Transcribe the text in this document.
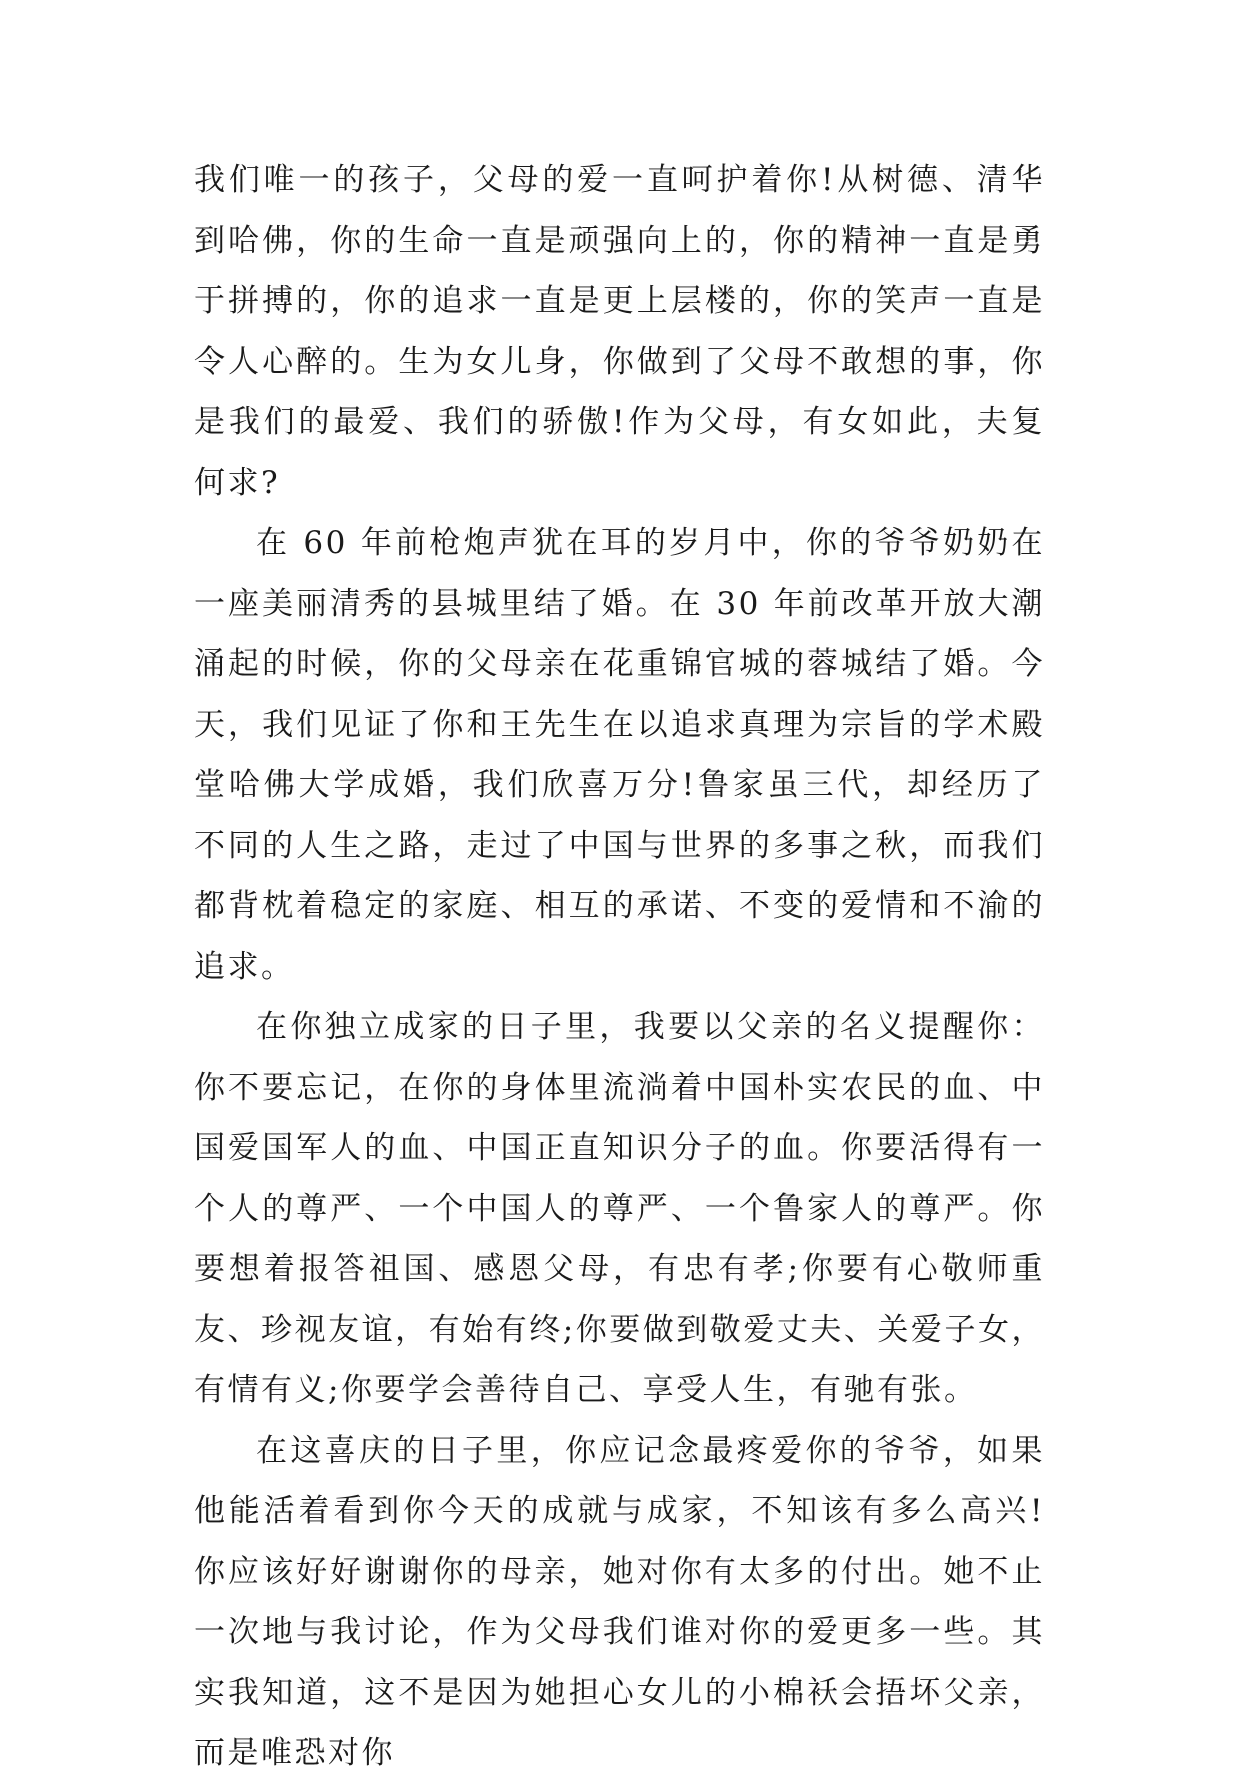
我们唯一的孩子，父母的爱一直呵护着你!从树德、清华到哈佛，你的生命一直是顽强向上的，你的精神一直是勇于拼搏的，你的追求一直是更上层楼的，你的笑声一直是令人心醉的。生为女儿身，你做到了父母不敢想的事，你是我们的最爱、我们的骄傲!作为父母，有女如此，夫复何求?

在 60 年前枪炮声犹在耳的岁月中，你的爷爷奶奶在一座美丽清秀的县城里结了婚。在 30 年前改革开放大潮涌起的时候，你的父母亲在花重锦官城的蓉城结了婚。今天，我们见证了你和王先生在以追求真理为宗旨的学术殿堂哈佛大学成婚，我们欣喜万分!鲁家虽三代，却经历了不同的人生之路，走过了中国与世界的多事之秋，而我们都背枕着稳定的家庭、相互的承诺、不变的爱情和不渝的追求。

在你独立成家的日子里，我要以父亲的名义提醒你：你不要忘记，在你的身体里流淌着中国朴实农民的血、中国爱国军人的血、中国正直知识分子的血。你要活得有一个人的尊严、一个中国人的尊严、一个鲁家人的尊严。你要想着报答祖国、感恩父母，有忠有孝;你要有心敬师重友、珍视友谊，有始有终;你要做到敬爱丈夫、关爱子女，有情有义;你要学会善待自己、享受人生，有驰有张。

在这喜庆的日子里，你应记念最疼爱你的爷爷，如果他能活着看到你今天的成就与成家，不知该有多么高兴!你应该好好谢谢你的母亲，她对你有太多的付出。她不止一次地与我讨论，作为父母我们谁对你的爱更多一些。其实我知道，这不是因为她担心女儿的小棉袄会捂坏父亲，而是唯恐对你
